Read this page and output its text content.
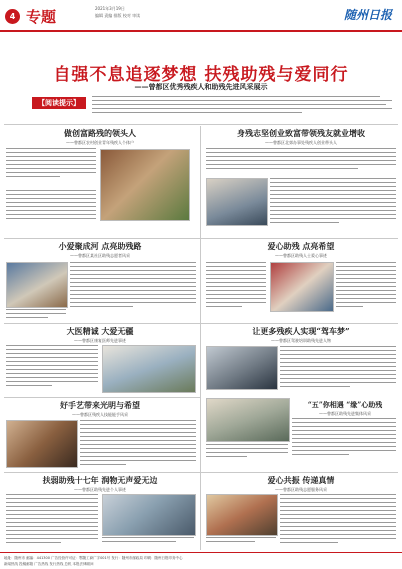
4 专题	2021年3月19日
编辑 责编 排版 校对 审读	随州日报
自强不息追逐梦想 扶残助残与爱同行
——曾都区优秀残疾人和助残先进风采展示
【阅读提示】
做创富路残的领头人
——曾都区农村创业青年残疾人个体户
身残志坚创业致富带领残友就业增收
——曾都区北郊办事处残疾人创业带头人
小爱聚成河 点亮助残路
——曾都区某社区助残志愿者风采
爱心助残 点亮希望
——曾都区助残人士爱心事迹
大医精诚 大爱无疆
——曾都区康复医师先进事迹
让更多残疾人实现“驾车梦”
——曾都区驾驶培训助残先进人物
好手艺带来光明与希望
——曾都区残疾人技能能手风采
“五”你相遇 “缘”心助残
——曾都区助残先进集体风采
扶弱助残十七年 润物无声爱无边
——曾都区助残先进个人事迹
爱心共振 传递真情
——曾都区助残志愿服务风采
地址：随州市 邮编：441300 广告经营许可证：鄂随工商广字001号 发行：随州市邮政局 印刷：随州日报印务中心
新闻热线 投稿邮箱 广告热线 发行热线 总机 本报法律顾问
